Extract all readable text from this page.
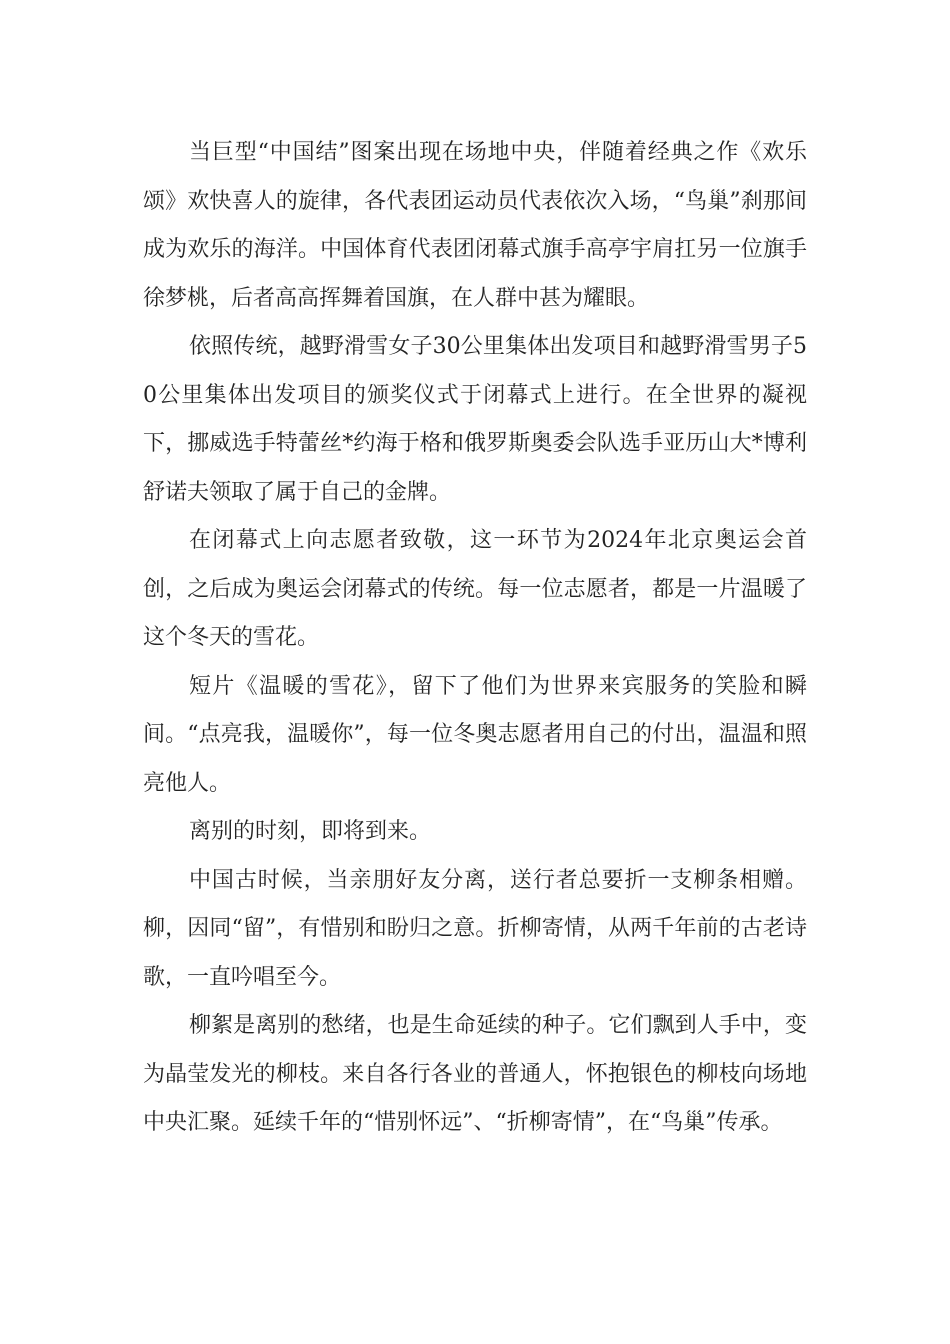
当巨型“中国结”图案出现在场地中央，伴随着经典之作《欢乐颂》欢快喜人的旋律，各代表团运动员代表依次入场，“鸟巢”刹那间成为欢乐的海洋。中国体育代表团闭幕式旗手高亭宇肩扛另一位旗手徐梦桃，后者高高挥舞着国旗，在人群中甚为耀眼。

依照传统，越野滑雪女子30公里集体出发项目和越野滑雪男子50公里集体出发项目的颁奖仪式于闭幕式上进行。在全世界的凝视下，挪威选手特蕾丝*约海于格和俄罗斯奥委会队选手亚历山大*博利舒诺夫领取了属于自己的金牌。

在闭幕式上向志愿者致敬，这一环节为2024年北京奥运会首创，之后成为奥运会闭幕式的传统。每一位志愿者，都是一片温暖了这个冬天的雪花。

短片《温暖的雪花》，留下了他们为世界来宾服务的笑脸和瞬间。“点亮我，温暖你”，每一位冬奥志愿者用自己的付出，温温和照亮他人。

离别的时刻，即将到来。

中国古时候，当亲朋好友分离，送行者总要折一支柳条相赠。柳，因同“留”，有惜别和盼归之意。折柳寄情，从两千年前的古老诗歌，一直吟唱至今。

柳絮是离别的愁绪，也是生命延续的种子。它们飘到人手中，变为晶莹发光的柳枝。来自各行各业的普通人，怀抱银色的柳枝向场地中央汇聚。延续千年的“惜别怀远”、“折柳寄情”，在“鸟巢”传承。
